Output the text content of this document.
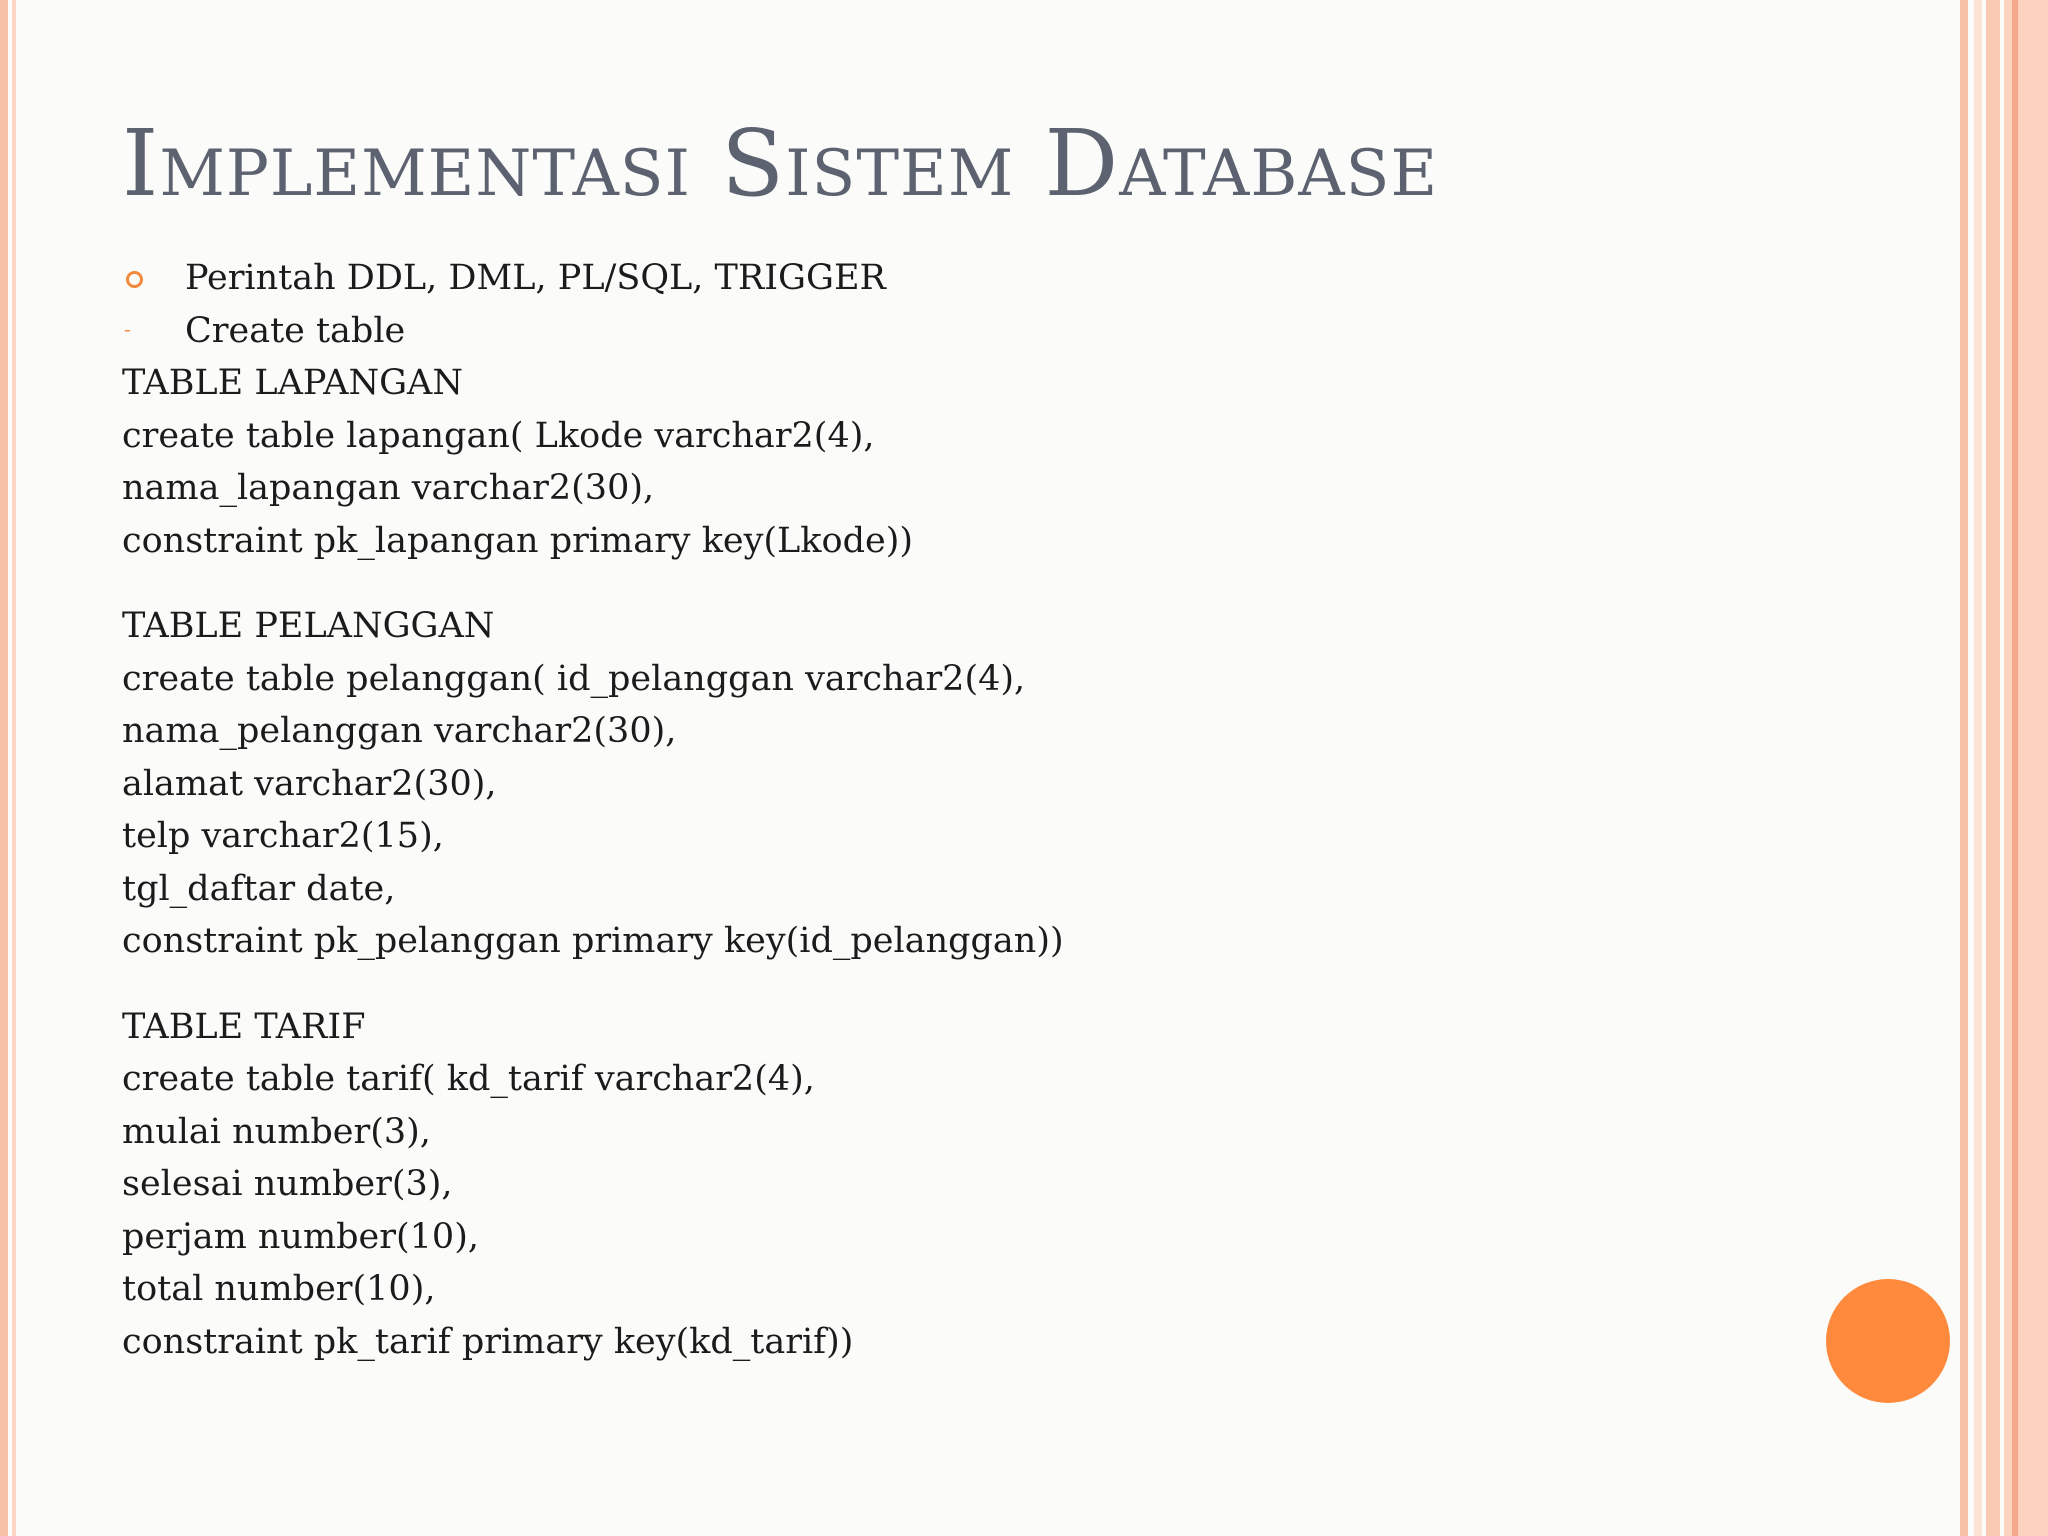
Implementasi Sistem Database
Perintah DDL, DML, PL/SQL, TRIGGER
- Create table
TABLE LAPANGAN
create table lapangan( Lkode varchar2(4),
nama_lapangan varchar2(30),
constraint pk_lapangan primary key(Lkode))
TABLE PELANGGAN
create table pelanggan( id_pelanggan varchar2(4),
nama_pelanggan varchar2(30),
alamat varchar2(30),
telp varchar2(15),
tgl_daftar date,
constraint pk_pelanggan primary key(id_pelanggan))
TABLE TARIF
create table tarif( kd_tarif varchar2(4),
mulai number(3),
selesai number(3),
perjam number(10),
total number(10),
constraint pk_tarif primary key(kd_tarif))
